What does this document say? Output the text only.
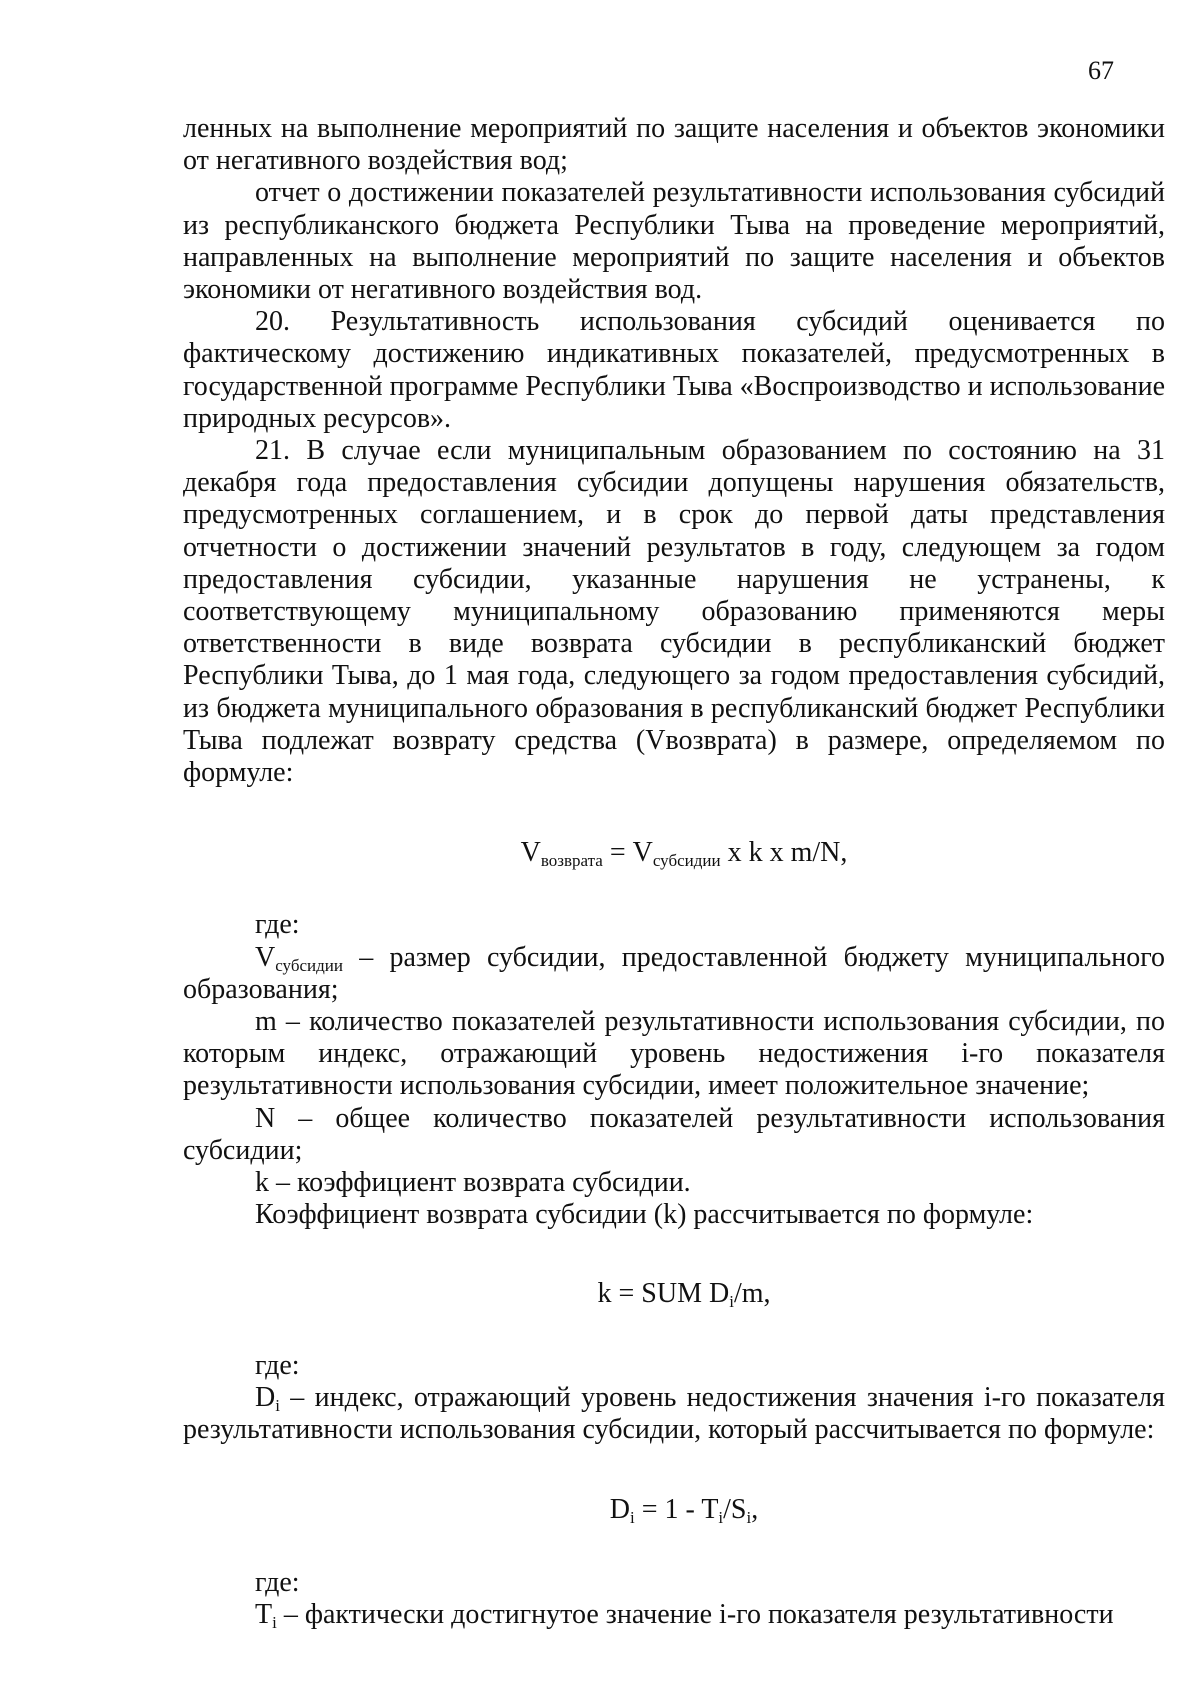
67

ленных на выполнение мероприятий по защите населения и объектов экономики от негативного воздействия вод;

отчет о достижении показателей результативности использования субсидий из республиканского бюджета Республики Тыва на проведение мероприятий, направленных на выполнение мероприятий по защите населения и объектов экономики от негативного воздействия вод.

20. Результативность использования субсидий оценивается по фактическому достижению индикативных показателей, предусмотренных в государственной программе Республики Тыва «Воспроизводство и использование природных ресурсов».

21. В случае если муниципальным образованием по состоянию на 31 декабря года предоставления субсидии допущены нарушения обязательств, предусмотренных соглашением, и в срок до первой даты представления отчетности о достижении значений результатов в году, следующем за годом предоставления субсидии, указанные нарушения не устранены, к соответствующему муниципальному образованию применяются меры ответственности в виде возврата субсидии в республиканский бюджет Республики Тыва, до 1 мая года, следующего за годом предоставления субсидий, из бюджета муниципального образования в республиканский бюджет Республики Тыва подлежат возврату средства (Vвозврата) в размере, определяемом по формуле:

$V_{возврата} = V_{субсидии}$ x k x m/N,

где:

$V_{субсидии}$ – размер субсидии, предоставленной бюджету муниципального образования;

m – количество показателей результативности использования субсидии, по которым индекс, отражающий уровень недостижения i-го показателя результативности использования субсидии, имеет положительное значение;

N – общее количество показателей результативности использования субсидии;

k – коэффициент возврата субсидии.

Коэффициент возврата субсидии (k) рассчитывается по формуле:

k = SUM $D_i/m$,

где:

$D_i$ – индекс, отражающий уровень недостижения значения i-го показателя результативности использования субсидии, который рассчитывается по формуле:

$D_i = 1 - T_i/S_i$,

где:

$T_i$ – фактически достигнутое значение i-го показателя результативности
